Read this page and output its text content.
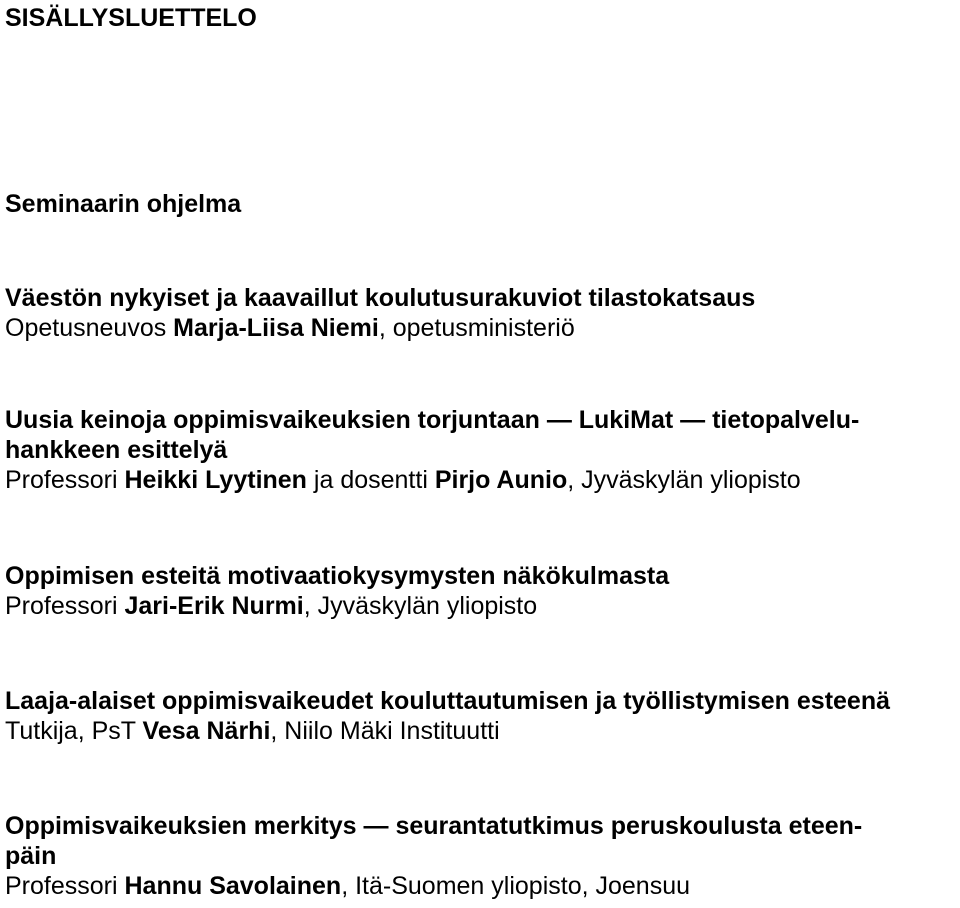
SISÄLLYSLUETTELO
Seminaarin ohjelma
Väestön nykyiset ja kaavaillut koulutusurakuviot tilastokatsaus
Opetusneuvos Marja-Liisa Niemi, opetusministeriö
Uusia keinoja oppimisvaikeuksien torjuntaan — LukiMat — tietopalvelu-
hankkeen esittelyä
Professori Heikki Lyytinen ja dosentti Pirjo Aunio, Jyväskylän yliopisto
Oppimisen esteitä motivaatiokysymysten näkökulmasta
Professori Jari-Erik Nurmi, Jyväskylän yliopisto
Laaja-alaiset oppimisvaikeudet kouluttautumisen ja työllistymisen esteenä
Tutkija, PsT Vesa Närhi, Niilo Mäki Instituutti
Oppimisvaikeuksien merkitys — seurantatutkimus peruskoulusta eteen-
päin
Professori Hannu Savolainen, Itä-Suomen yliopisto, Joensuu
